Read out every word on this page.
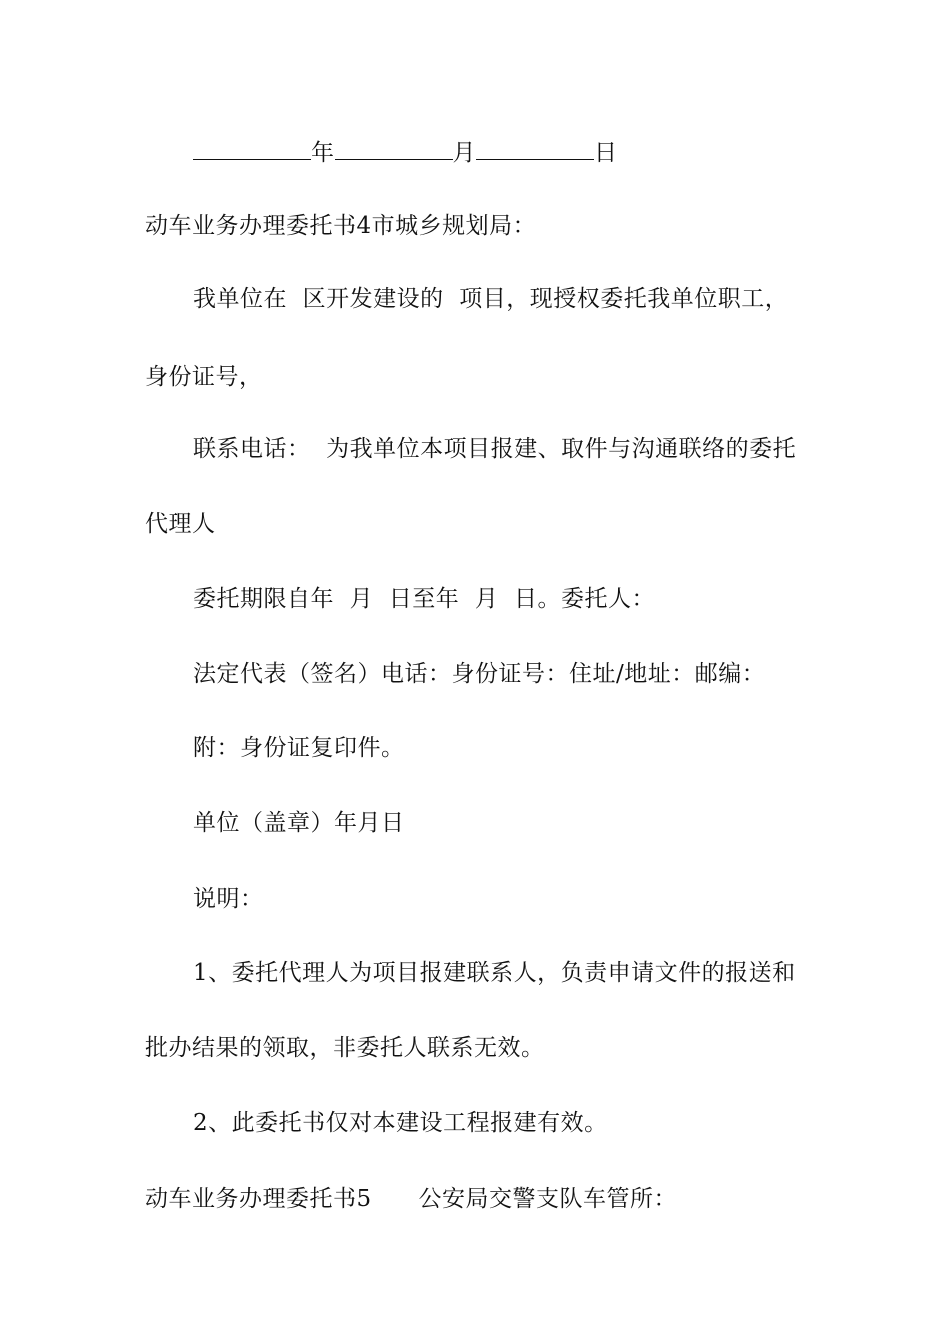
年	月	日
动车业务办理委托书4市城乡规划局：
我单位在  区开发建设的  项目，现授权委托我单位职工，
身份证号，
联系电话：  为我单位本项目报建、取件与沟通联络的委托
代理人
委托期限自年  月  日至年  月  日。委托人：
法定代表（签名）电话：身份证号：住址/地址：邮编：
附：身份证复印件。
单位（盖章）年月日
说明：
1、委托代理人为项目报建联系人，负责申请文件的报送和
批办结果的领取，非委托人联系无效。
2、此委托书仅对本建设工程报建有效。
动车业务办理委托书5      公安局交警支队车管所：
